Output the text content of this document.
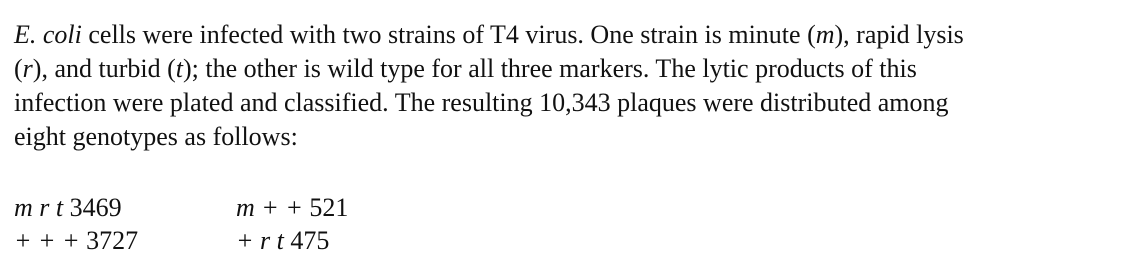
E. coli cells were infected with two strains of T4 virus. One strain is minute (m), rapid lysis
(r), and turbid (t); the other is wild type for all three markers. The lytic products of this
infection were plated and classified. The resulting 10,343 plaques were distributed among
eight genotypes as follows:
m r t 3469	m + + 521
+ + + 3727	+ r t 475
